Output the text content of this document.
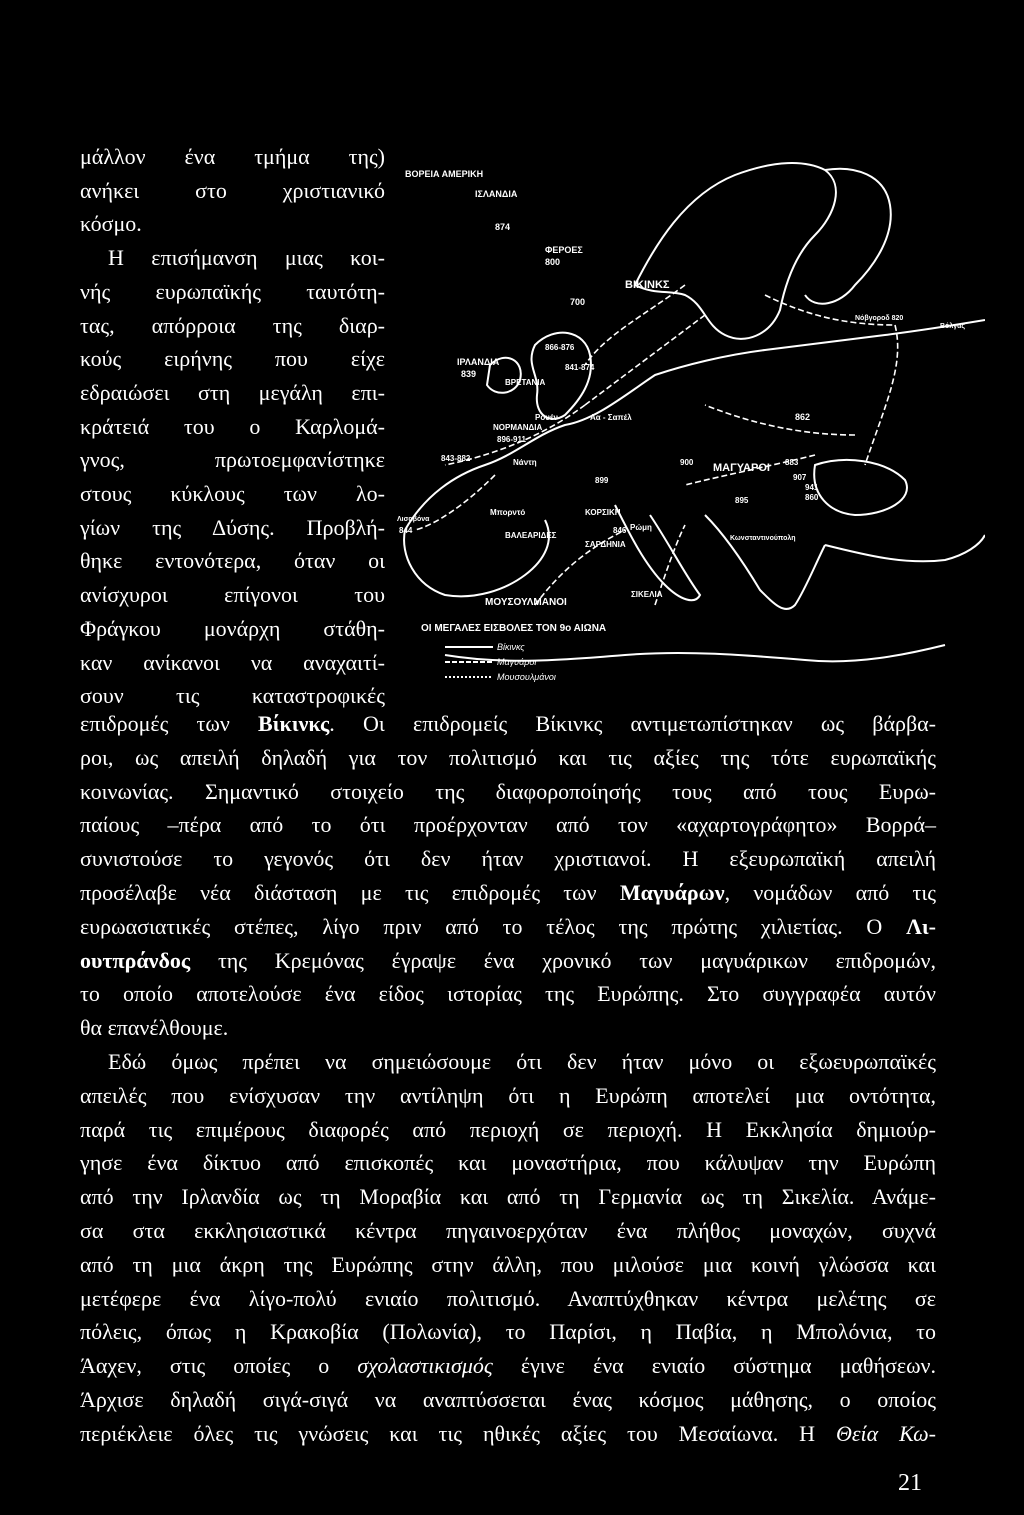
μάλλον ένα τμήμα της)
ανήκει στο χριστιανικό
κόσμο.
Η επισήμανση μιας κοι-
νής ευρωπαϊκής ταυτότη-
τας, απόρροια της διαρ-
κούς ειρήνης που είχε
εδραιώσει στη μεγάλη επι-
κράτειά του ο Καρλομά-
γνος, πρωτοεμφανίστηκε
στους κύκλους των λο-
γίων της Δύσης. Προβλή-
θηκε εντονότερα, όταν οι
ανίσχυροι επίγονοι του
Φράγκου μονάρχη στάθη-
καν ανίκανοι να αναχαιτί-
σουν τις καταστροφικές
ΒΟΡΕΙΑ ΑΜΕΡΙΚΗ
ΙΣΛΑΝΔΙΑ
874
ΦΕΡΟΕΣ
800
700
ΒΙΚΙΝΚΣ
Νόβγοροδ 820
Βόλγας
ΙΡΛΑΝΔΙΑ
839
866-876
ΒΡΕΤΑΝΙΑ
841-874
ΝΟΡΜΑΝΔΙΑ
896-911
Ρουέν	Αα - Σαπέλ	862
843-882	Νάντη	900 ΜΑΓΥΑΡΟΙ 883
899
895
Μπορντό	ΚΟΡΣΙΚΗ
ΣΑΡΔΗΝΙΑ
ΒΑΛΕΑΡΙΔΕΣ
Ρώμη
846
Λισαβόνα
844
Κωνσταντινούπολη
ΜΟΥΣΟΥΛΜΑΝΟΙ
ΣΙΚΕΛΙΑ
907
941
860
ΟΙ ΜΕΓΑΛΕΣ ΕΙΣΒΟΛΕΣ ΤΟΝ 9ο ΑΙΩΝΑ
Βίκινκς
Μαγυάροι
Μουσουλμάνοι
επιδρομές των Βίκινκς. Οι επιδρομείς Βίκινκς αντιμετωπίστηκαν ως βάρβα-
ροι, ως απειλή δηλαδή για τον πολιτισμό και τις αξίες της τότε ευρωπαϊκής
κοινωνίας. Σημαντικό στοιχείο της διαφοροποίησής τους από τους Ευρω-
παίους –πέρα από το ότι προέρχονταν από τον «αχαρτογράφητο» Βορρά–
συνιστούσε το γεγονός ότι δεν ήταν χριστιανοί. Η εξευρωπαϊκή απειλή
προσέλαβε νέα διάσταση με τις επιδρομές των Μαγυάρων, νομάδων από τις
ευρωασιατικές στέπες, λίγο πριν από το τέλος της πρώτης χιλιετίας. Ο Λι-
ουτπράνδος της Κρεμόνας έγραψε ένα χρονικό των μαγυάρικων επιδρομών,
το οποίο αποτελούσε ένα είδος ιστορίας της Ευρώπης. Στο συγγραφέα αυτόν
θα επανέλθουμε.
Εδώ όμως πρέπει να σημειώσουμε ότι δεν ήταν μόνο οι εξωευρωπαϊκές
απειλές που ενίσχυσαν την αντίληψη ότι η Ευρώπη αποτελεί μια οντότητα,
παρά τις επιμέρους διαφορές από περιοχή σε περιοχή. Η Εκκλησία δημιούρ-
γησε ένα δίκτυο από επισκοπές και μοναστήρια, που κάλυψαν την Ευρώπη
από την Ιρλανδία ως τη Μοραβία και από τη Γερμανία ως τη Σικελία. Ανάμε-
σα στα εκκλησιαστικά κέντρα πηγαινοερχόταν ένα πλήθος μοναχών, συχνά
από τη μια άκρη της Ευρώπης στην άλλη, που μιλούσε μια κοινή γλώσσα και
μετέφερε ένα λίγο-πολύ ενιαίο πολιτισμό. Αναπτύχθηκαν κέντρα μελέτης σε
πόλεις, όπως η Κρακοβία (Πολωνία), το Παρίσι, η Παβία, η Μπολόνια, το
Άαχεν, στις οποίες ο σχολαστικισμός έγινε ένα ενιαίο σύστημα μαθήσεων.
Άρχισε δηλαδή σιγά-σιγά να αναπτύσσεται ένας κόσμος μάθησης, ο οποίος
περιέκλειε όλες τις γνώσεις και τις ηθικές αξίες του Μεσαίωνα. Η Θεία Κω-
21
